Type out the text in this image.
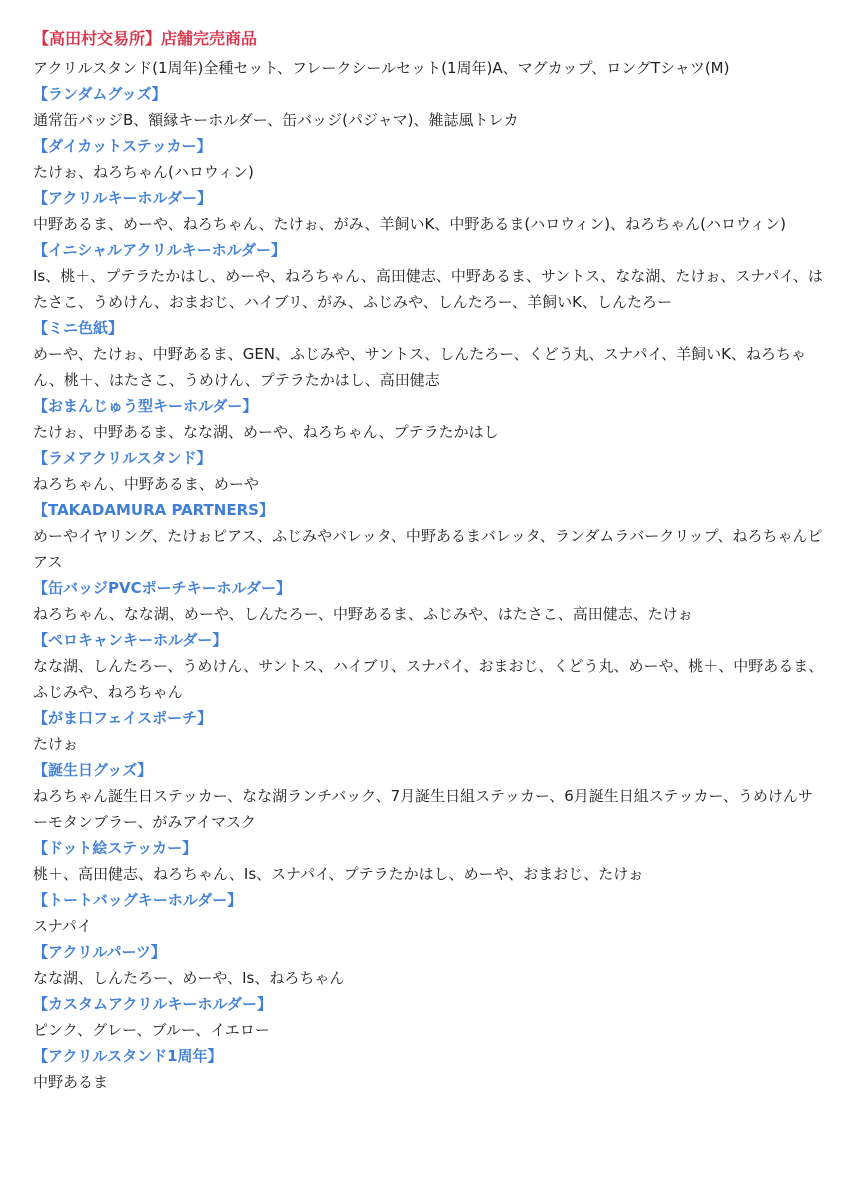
【高田村交易所】店舗完売商品
アクリルスタンド(1周年)全種セット、フレークシールセット(1周年)A、マグカップ、ロングTシャツ(M)
【ランダムグッズ】
通常缶バッジB、額縁キーホルダー、缶バッジ(パジャマ)、雑誌風トレカ
【ダイカットステッカー】
たけぉ、ねろちゃん(ハロウィン)
【アクリルキーホルダー】
中野あるま、めーや、ねろちゃん、たけぉ、がみ、羊飼いK、中野あるま(ハロウィン)、ねろちゃん(ハロウィン)
【イニシャルアクリルキーホルダー】
Is、桃＋、プテラたかはし、めーや、ねろちゃん、高田健志、中野あるま、サントス、なな湖、たけぉ、スナパイ、はたさこ、うめけん、おまおじ、ハイブリ、がみ、ふじみや、しんたろー、羊飼いK、しんたろー
【ミニ色紙】
めーや、たけぉ、中野あるま、GEN、ふじみや、サントス、しんたろー、くどう丸、スナパイ、羊飼いK、ねろちゃん、桃＋、はたさこ、うめけん、プテラたかはし、高田健志
【おまんじゅう型キーホルダー】
たけぉ、中野あるま、なな湖、めーや、ねろちゃん、プテラたかはし
【ラメアクリルスタンド】
ねろちゃん、中野あるま、めーや
【TAKADAMURA PARTNERS】
めーやイヤリング、たけぉピアス、ふじみやバレッタ、中野あるまバレッタ、ランダムラバークリップ、ねろちゃんピアス
【缶バッジPVCポーチキーホルダー】
ねろちゃん、なな湖、めーや、しんたろー、中野あるま、ふじみや、はたさこ、高田健志、たけぉ
【ペロキャンキーホルダー】
なな湖、しんたろー、うめけん、サントス、ハイブリ、スナパイ、おまおじ、くどう丸、めーや、桃＋、中野あるま、ふじみや、ねろちゃん
【がま口フェイスポーチ】
たけぉ
【誕生日グッズ】
ねろちゃん誕生日ステッカー、なな湖ランチバック、7月誕生日組ステッカー、6月誕生日組ステッカー、うめけんサーモタンブラー、がみアイマスク
【ドット絵ステッカー】
桃＋、高田健志、ねろちゃん、Is、スナパイ、プテラたかはし、めーや、おまおじ、たけぉ
【トートバッグキーホルダー】
スナパイ
【アクリルパーツ】
なな湖、しんたろー、めーや、Is、ねろちゃん
【カスタムアクリルキーホルダー】
ピンク、グレー、ブルー、イエロー
【アクリルスタンド1周年】
中野あるま
